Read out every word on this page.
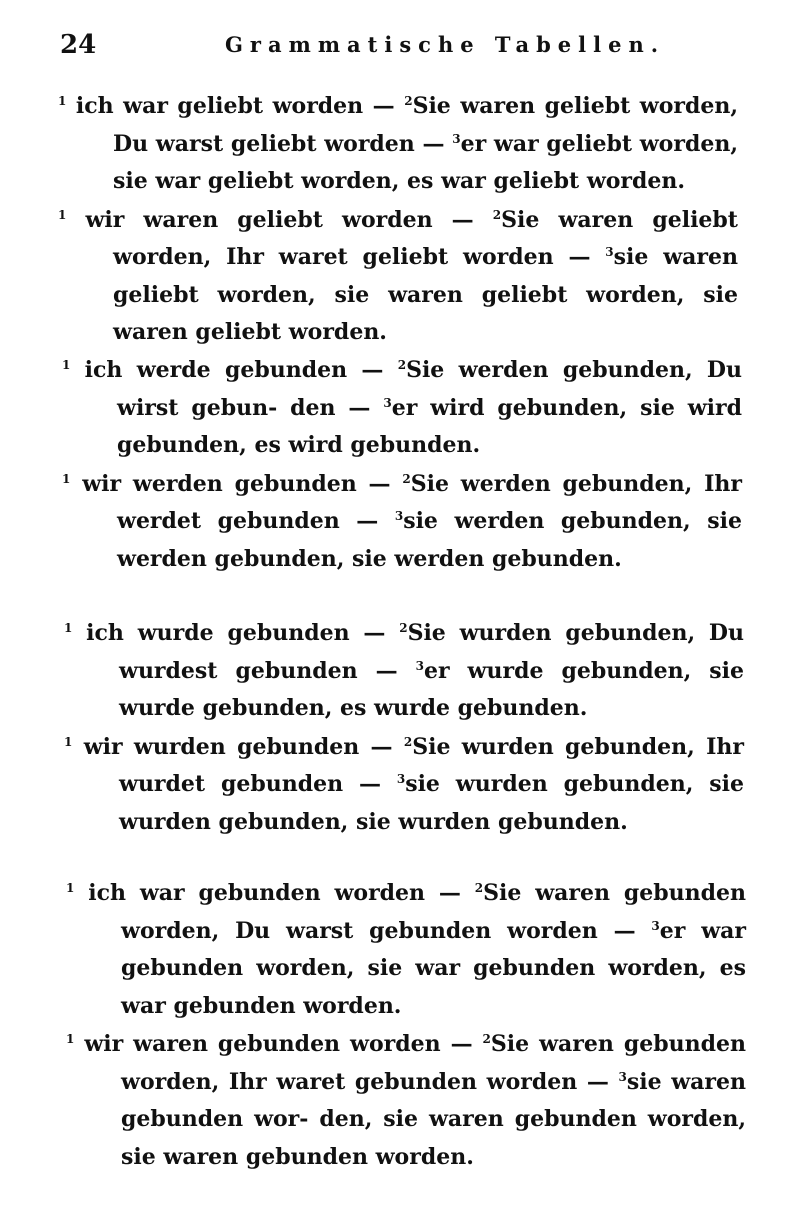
24	Grammatische Tabellen.

$^1$ ich war geliebt worden — $^2$Sie waren geliebt worden, Du warst geliebt worden — $^3$er war geliebt worden, sie war geliebt worden, es war geliebt worden.

$^1$ wir waren geliebt worden — $^2$Sie waren geliebt worden, Ihr waret geliebt worden — $^3$sie waren geliebt worden, sie waren geliebt worden, sie waren geliebt worden.

$^1$ ich werde gebunden — $^2$Sie werden gebunden, Du wirst gebun- den — $^3$er wird gebunden, sie wird gebunden, es wird gebunden.

$^1$ wir werden gebunden — $^2$Sie werden gebunden, Ihr werdet gebunden — $^3$sie werden gebunden, sie werden gebunden, sie werden gebunden.

$^1$ ich wurde gebunden — $^2$Sie wurden gebunden, Du wurdest gebunden — $^3$er wurde gebunden, sie wurde gebunden, es wurde gebunden.

$^1$ wir wurden gebunden — $^2$Sie wurden gebunden, Ihr wurdet gebunden — $^3$sie wurden gebunden, sie wurden gebunden, sie wurden gebunden.

$^1$ ich war gebunden worden — $^2$Sie waren gebunden worden, Du warst gebunden worden — $^3$er war gebunden worden, sie war gebunden worden, es war gebunden worden.

$^1$ wir waren gebunden worden — $^2$Sie waren gebunden worden, Ihr waret gebunden worden — $^3$sie waren gebunden wor- den, sie waren gebunden worden, sie waren gebunden worden.
